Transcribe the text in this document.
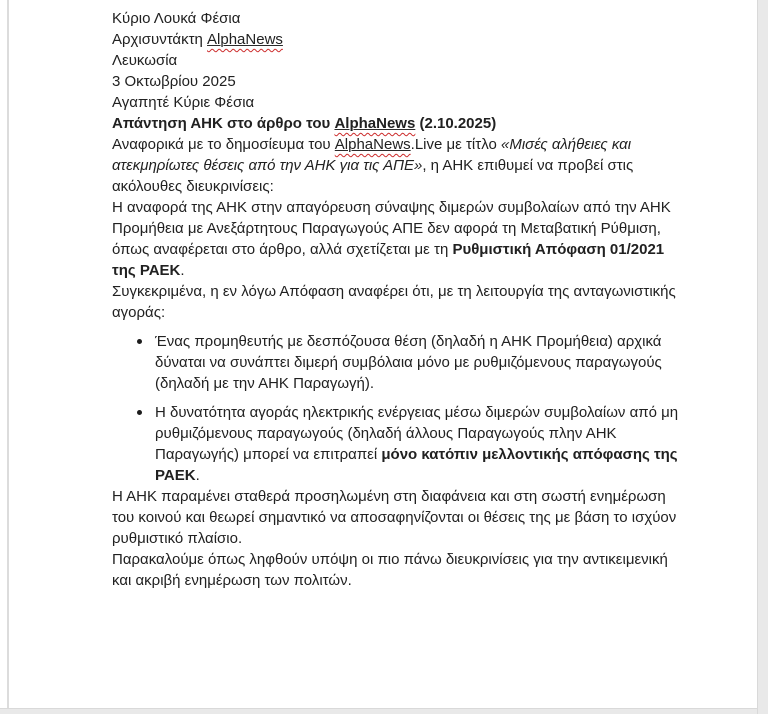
Κύριο Λουκά Φέσια

Αρχισυντάκτη AlphaNews

Λευκωσία

3 Οκτωβρίου 2025

Αγαπητέ Κύριε Φέσια

Απάντηση ΑΗΚ στο άρθρο του AlphaNews (2.10.2025)

Αναφορικά με το δημοσίευμα του AlphaNews.Live με τίτλο «Μισές αλήθειες και ατεκμηρίωτες θέσεις από την ΑΗΚ για τις ΑΠΕ», η ΑΗΚ επιθυμεί να προβεί στις ακόλουθες διευκρινίσεις:

Η αναφορά της ΑΗΚ στην απαγόρευση σύναψης διμερών συμβολαίων από την ΑΗΚ Προμήθεια με Ανεξάρτητους Παραγωγούς ΑΠΕ δεν αφορά τη Μεταβατική Ρύθμιση, όπως αναφέρεται στο άρθρο, αλλά σχετίζεται με τη Ρυθμιστική Απόφαση 01/2021 της ΡΑΕΚ.

Συγκεκριμένα, η εν λόγω Απόφαση αναφέρει ότι, με τη λειτουργία της ανταγωνιστικής αγοράς:

Ένας προμηθευτής με δεσπόζουσα θέση (δηλαδή η ΑΗΚ Προμήθεια) αρχικά δύναται να συνάπτει διμερή συμβόλαια μόνο με ρυθμιζόμενους παραγωγούς (δηλαδή με την ΑΗΚ Παραγωγή).
Η δυνατότητα αγοράς ηλεκτρικής ενέργειας μέσω διμερών συμβολαίων από μη ρυθμιζόμενους παραγωγούς (δηλαδή άλλους Παραγωγούς πλην ΑΗΚ Παραγωγής) μπορεί να επιτραπεί μόνο κατόπιν μελλοντικής απόφασης της ΡΑΕΚ.

Η ΑΗΚ παραμένει σταθερά προσηλωμένη στη διαφάνεια και στη σωστή ενημέρωση του κοινού και θεωρεί σημαντικό να αποσαφηνίζονται οι θέσεις της με βάση το ισχύον ρυθμιστικό πλαίσιο.

Παρακαλούμε όπως ληφθούν υπόψη οι πιο πάνω διευκρινίσεις για την αντικειμενική και ακριβή ενημέρωση των πολιτών.
